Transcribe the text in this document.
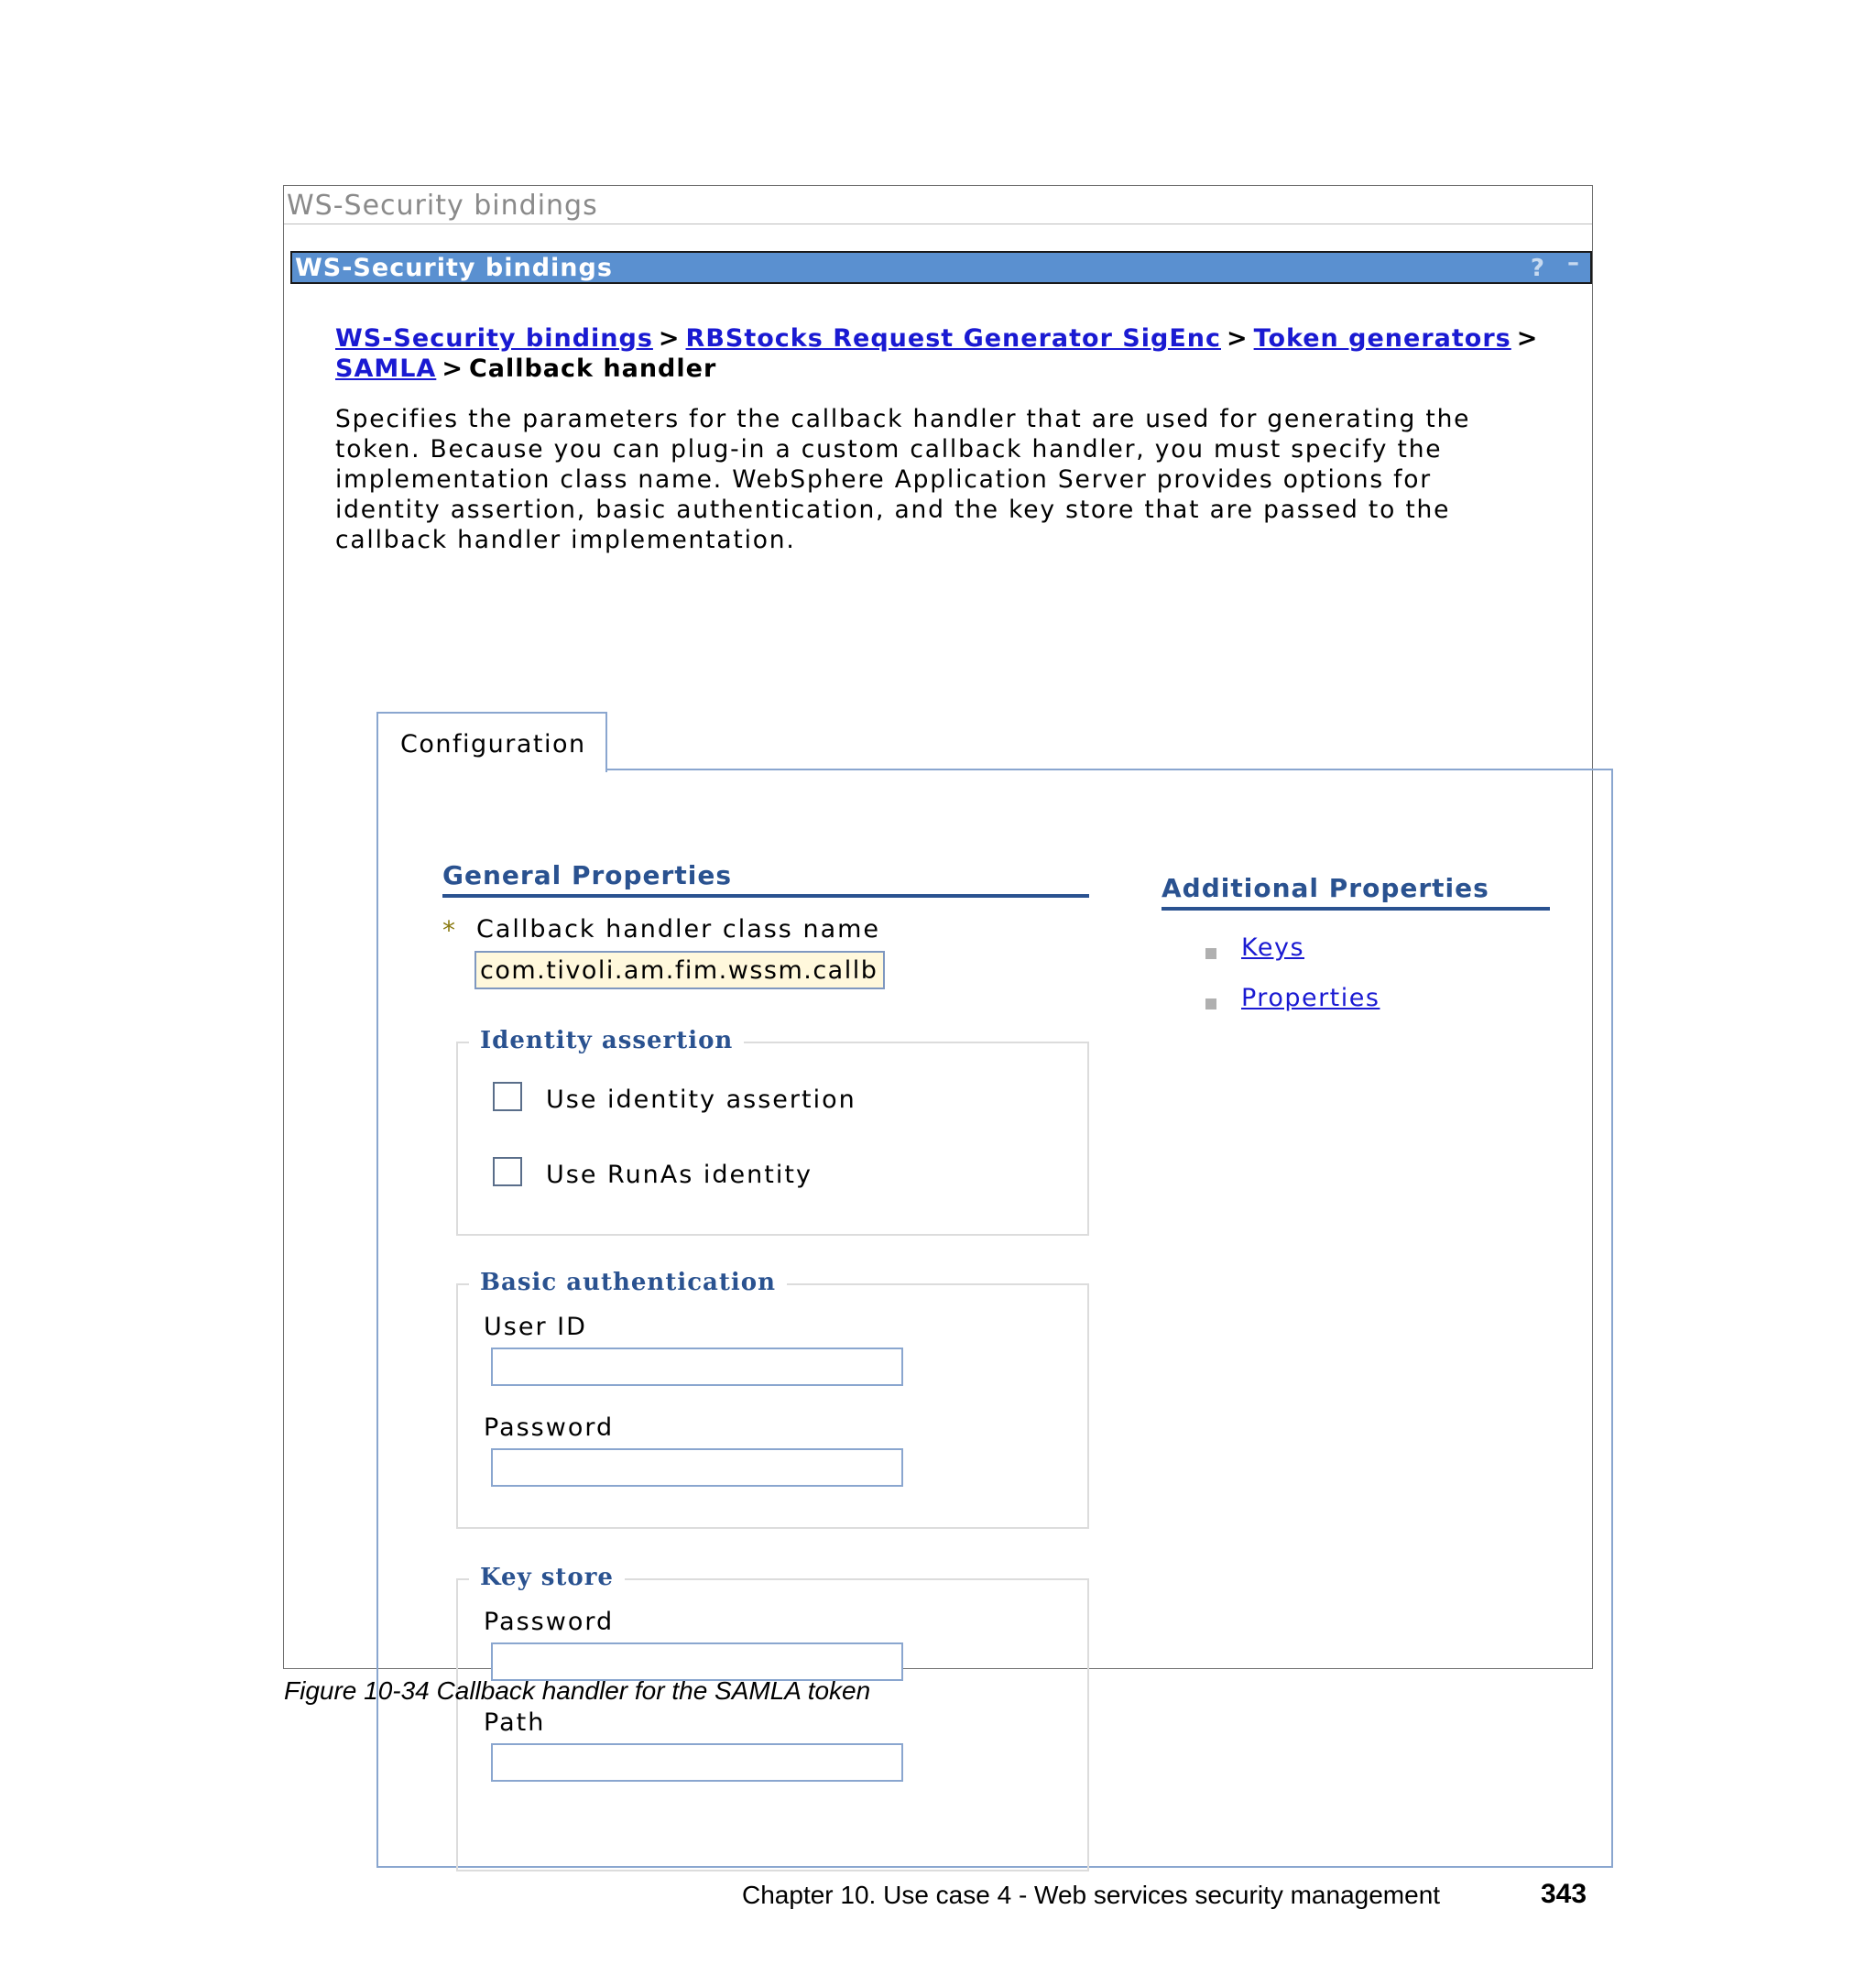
WS-Security bindings
WS-Security bindings	? –
WS-Security bindings > RBStocks Request Generator SigEnc > Token generators >
SAMLA > Callback handler
Specifies the parameters for the callback handler that are used for generating the token. Because you can plug-in a custom callback handler, you must specify the implementation class name. WebSphere Application Server provides options for identity assertion, basic authentication, and the key store that are passed to the callback handler implementation.
Configuration
General Properties	Additional Properties
* Callback handler class name
com.tivoli.am.fim.wssm.callb
Identity assertion
Use identity assertion
Use RunAs identity
Basic authentication
User ID
Password
Key store
Password
Path
Keys
Properties
Figure 10-34 Callback handler for the SAMLA token
Chapter 10. Use case 4 - Web services security management	343
